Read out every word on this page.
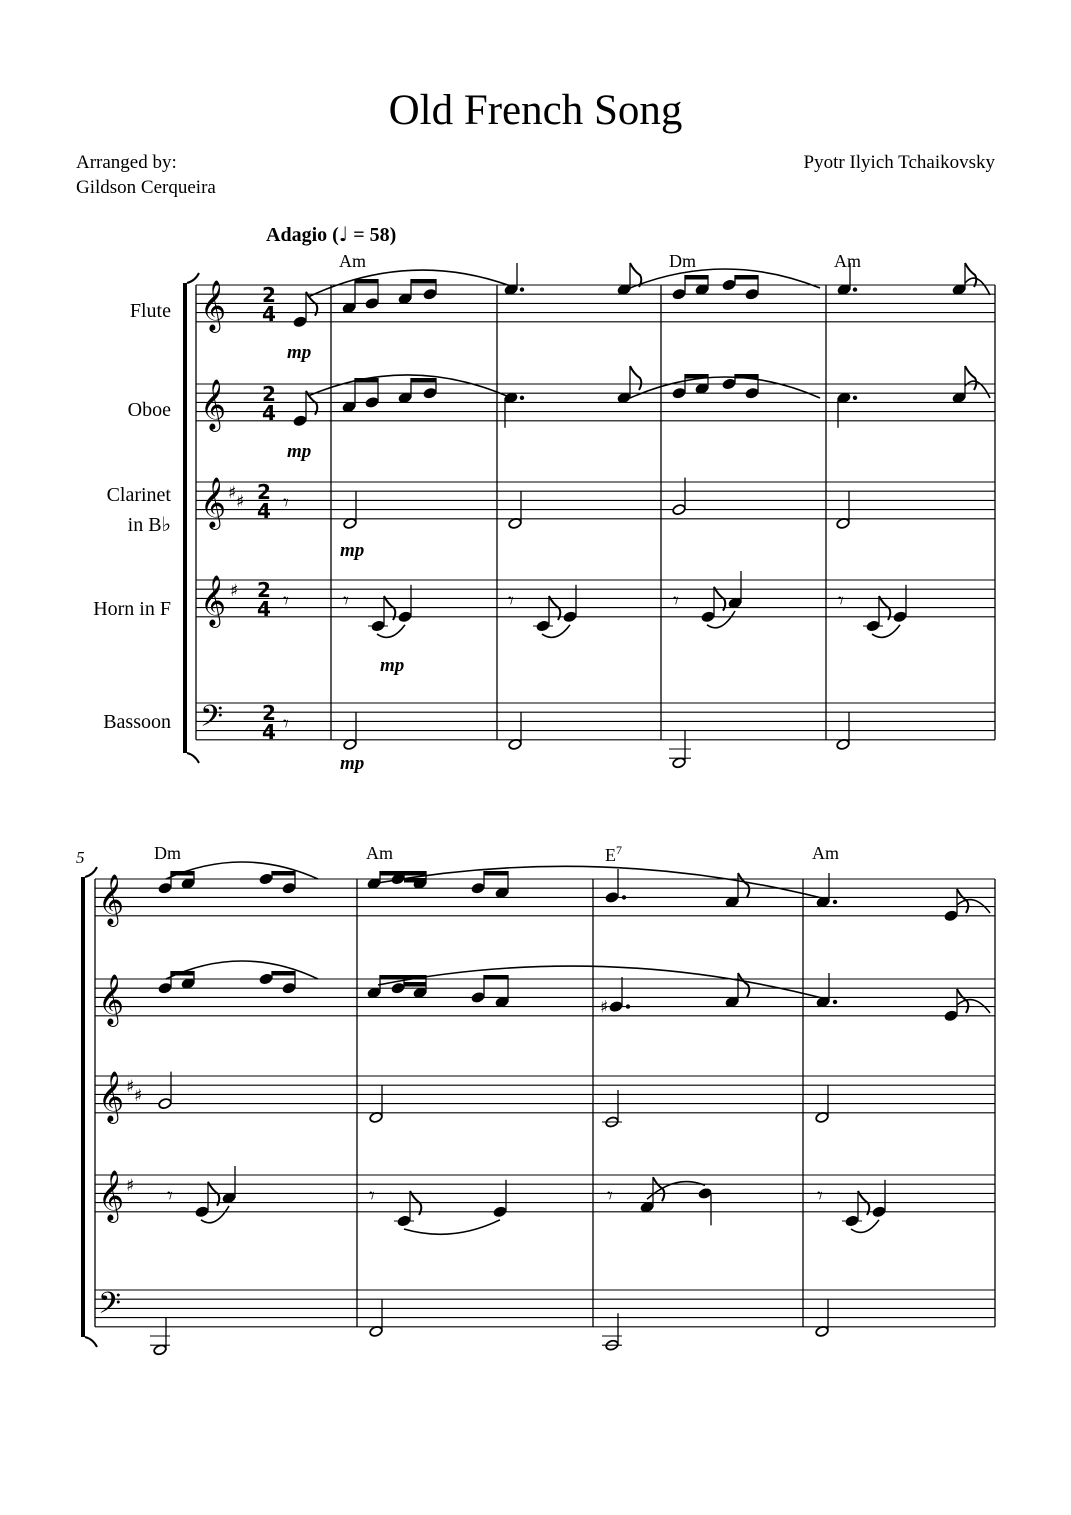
Old French Song
Arranged by:
Gildson Cerqueira
Pyotr Ilyich Tchaikovsky
Adagio (♩ = 58)
Flute
Oboe
Clarinet
in B♭
Horn in F
Bassoon
Am	Dm	Am
5	Dm	Am	$E^7$	Am
mp
mp
mp
mp
mp
𝄞
𝄞
𝄞
𝄞
𝄢
♯ ♯
♯
2
4
2
4
2
4
2
4
2
4
𝄾
𝄾 𝄾	𝄾	𝄾	𝄾
𝄾
𝄞
𝄞
𝄞
𝄞
𝄢
♯ ♯
♯
♯
𝄾	𝄾	𝄾	𝄾
